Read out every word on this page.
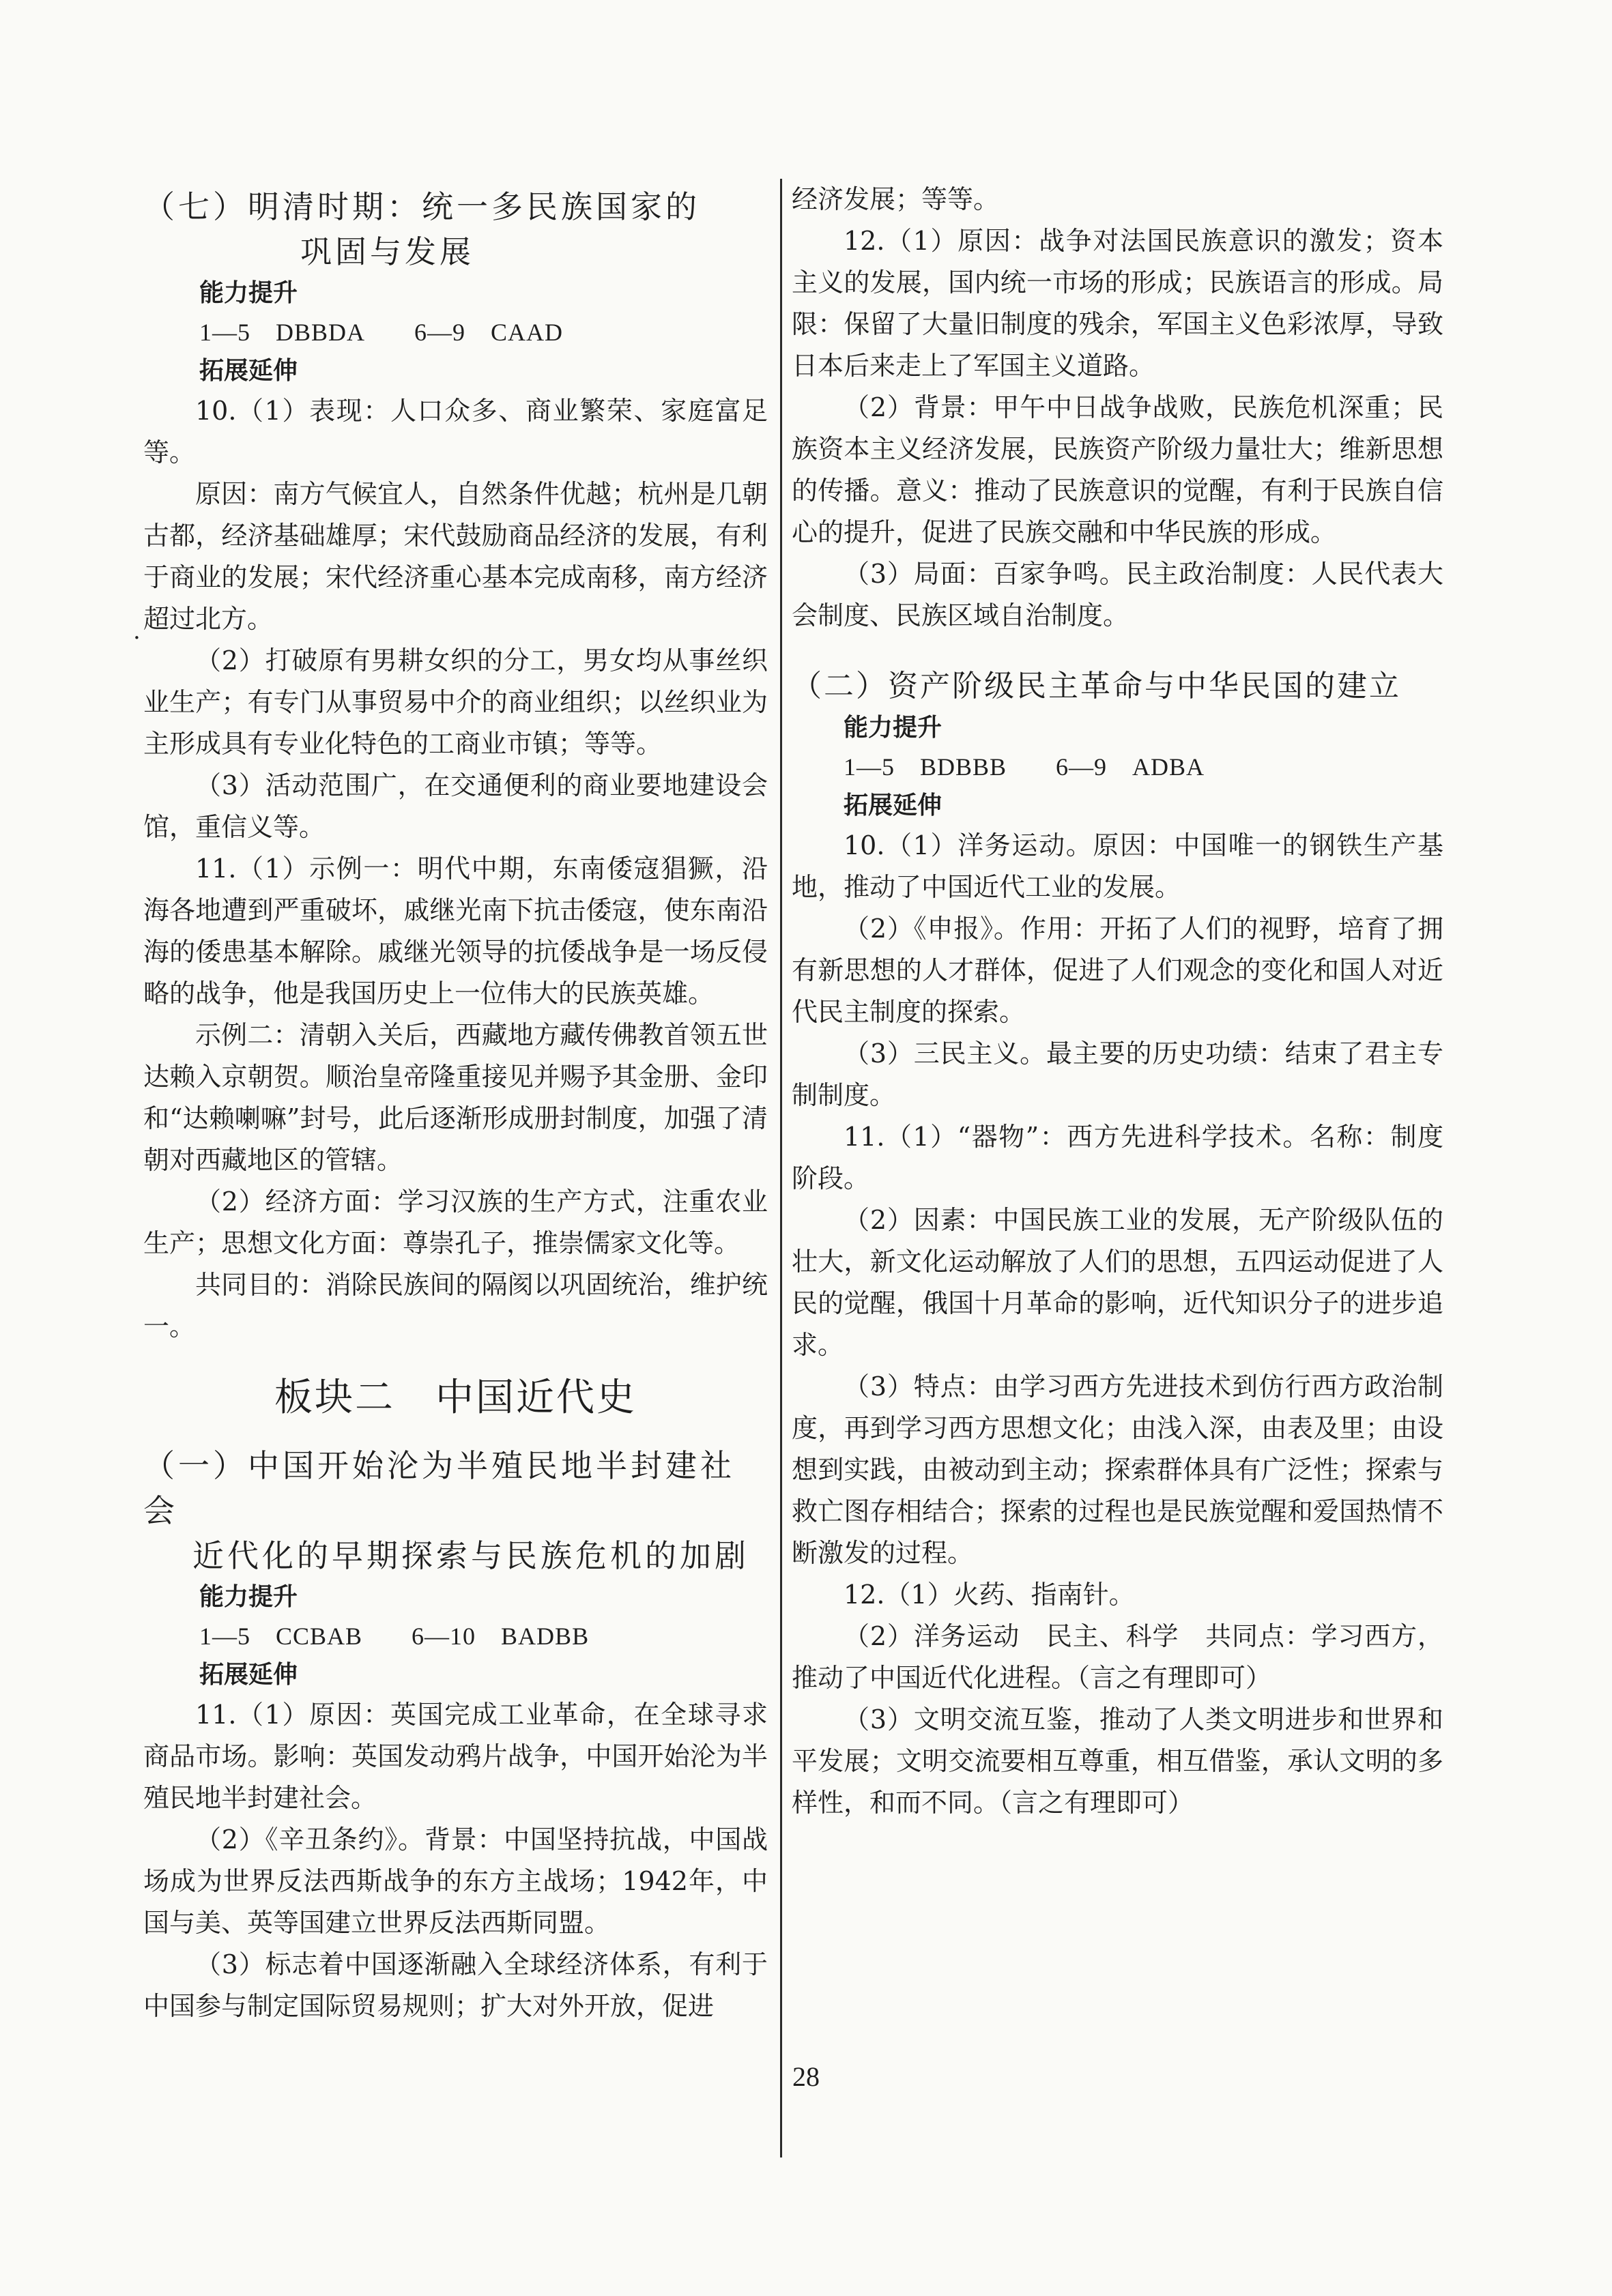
.
（七）明清时期：统一多民族国家的
巩固与发展
能力提升
1—5　DBBDA 6—9　CAAD
拓展延伸

10.（1）表现：人口众多、商业繁荣、家庭富足等。

原因：南方气候宜人，自然条件优越；杭州是几朝古都，经济基础雄厚；宋代鼓励商品经济的发展，有利于商业的发展；宋代经济重心基本完成南移，南方经济超过北方。

（2）打破原有男耕女织的分工，男女均从事丝织业生产；有专门从事贸易中介的商业组织；以丝织业为主形成具有专业化特色的工商业市镇；等等。

（3）活动范围广，在交通便利的商业要地建设会馆，重信义等。

11.（1）示例一：明代中期，东南倭寇猖獗，沿海各地遭到严重破坏，戚继光南下抗击倭寇，使东南沿海的倭患基本解除。戚继光领导的抗倭战争是一场反侵略的战争，他是我国历史上一位伟大的民族英雄。

示例二：清朝入关后，西藏地方藏传佛教首领五世达赖入京朝贺。顺治皇帝隆重接见并赐予其金册、金印和“达赖喇嘛”封号，此后逐渐形成册封制度，加强了清朝对西藏地区的管辖。

（2）经济方面：学习汉族的生产方式，注重农业生产；思想文化方面：尊崇孔子，推崇儒家文化等。

共同目的：消除民族间的隔阂以巩固统治，维护统一。

板块二　中国近代史
（一）中国开始沦为半殖民地半封建社会
近代化的早期探索与民族危机的加剧
能力提升
1—5　CCBAB 6—10　BADBB
拓展延伸

11.（1）原因：英国完成工业革命，在全球寻求商品市场。影响：英国发动鸦片战争，中国开始沦为半殖民地半封建社会。

（2）《辛丑条约》。背景：中国坚持抗战，中国战场成为世界反法西斯战争的东方主战场；1942年，中国与美、英等国建立世界反法西斯同盟。

（3）标志着中国逐渐融入全球经济体系，有利于中国参与制定国际贸易规则；扩大对外开放，促进

经济发展；等等。

12.（1）原因：战争对法国民族意识的激发；资本主义的发展，国内统一市场的形成；民族语言的形成。局限：保留了大量旧制度的残余，军国主义色彩浓厚，导致日本后来走上了军国主义道路。

（2）背景：甲午中日战争战败，民族危机深重；民族资本主义经济发展，民族资产阶级力量壮大；维新思想的传播。意义：推动了民族意识的觉醒，有利于民族自信心的提升，促进了民族交融和中华民族的形成。

（3）局面：百家争鸣。民主政治制度：人民代表大会制度、民族区域自治制度。

（二）资产阶级民主革命与中华民国的建立
能力提升
1—5　BDBBB 6—9　ADBA
拓展延伸

10.（1）洋务运动。原因：中国唯一的钢铁生产基地，推动了中国近代工业的发展。

（2）《申报》。作用：开拓了人们的视野，培育了拥有新思想的人才群体，促进了人们观念的变化和国人对近代民主制度的探索。

（3）三民主义。最主要的历史功绩：结束了君主专制制度。

11.（1）“器物”：西方先进科学技术。名称：制度阶段。

（2）因素：中国民族工业的发展，无产阶级队伍的壮大，新文化运动解放了人们的思想，五四运动促进了人民的觉醒，俄国十月革命的影响，近代知识分子的进步追求。

（3）特点：由学习西方先进技术到仿行西方政治制度，再到学习西方思想文化；由浅入深，由表及里；由设想到实践，由被动到主动；探索群体具有广泛性；探索与救亡图存相结合；探索的过程也是民族觉醒和爱国热情不断激发的过程。

12.（1）火药、指南针。

（2）洋务运动　民主、科学　共同点：学习西方，推动了中国近代化进程。（言之有理即可）

（3）文明交流互鉴，推动了人类文明进步和世界和平发展；文明交流要相互尊重，相互借鉴，承认文明的多样性，和而不同。（言之有理即可）

28
